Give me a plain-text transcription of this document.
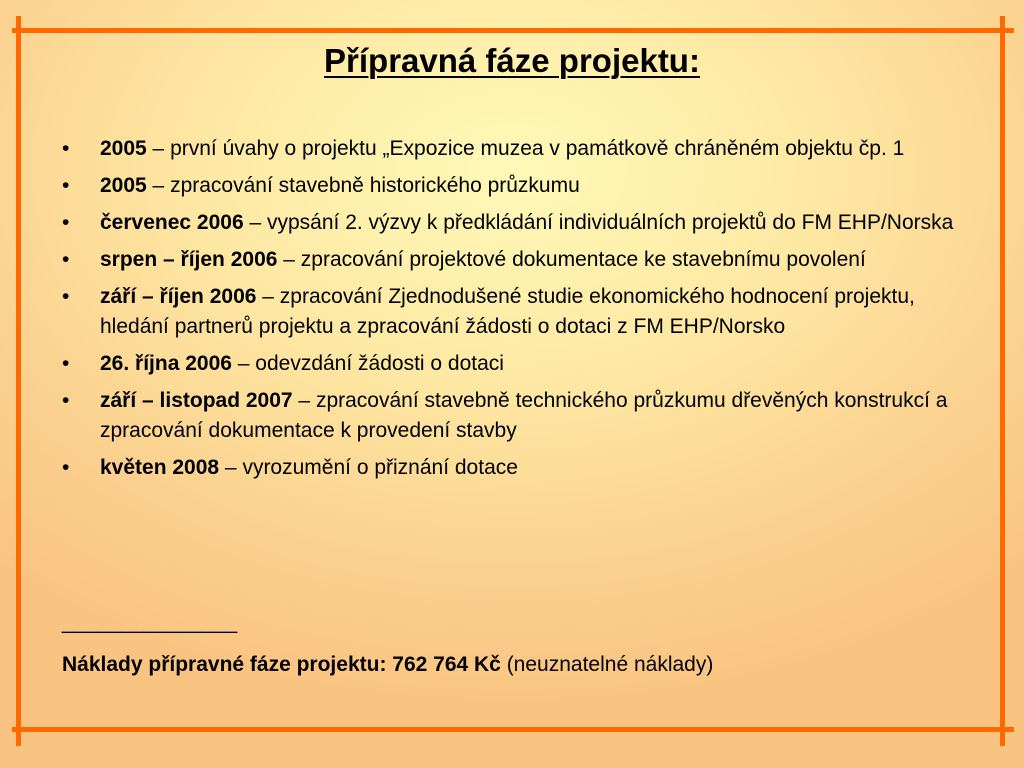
Přípravná fáze projektu:
• 2005 – první úvahy o projektu „Expozice muzea v památkově chráněném objektu čp. 1
• 2005 – zpracování stavebně historického průzkumu
• červenec 2006 – vypsání 2. výzvy k předkládání individuálních projektů do FM EHP/Norska
• srpen – říjen 2006 – zpracování projektové dokumentace ke stavebnímu povolení
• září – říjen 2006 – zpracování Zjednodušené studie ekonomického hodnocení projektu, hledání partnerů projektu a zpracování žádosti o dotaci z FM EHP/Norsko
• 26. října 2006 – odevzdání žádosti o dotaci
• září – listopad 2007 – zpracování stavebně technického průzkumu dřevěných konstrukcí a zpracování dokumentace k provedení stavby
• květen 2008 – vyrozumění o přiznání dotace
_______________
Náklady přípravné fáze projektu: 762 764 Kč (neuznatelné náklady)
